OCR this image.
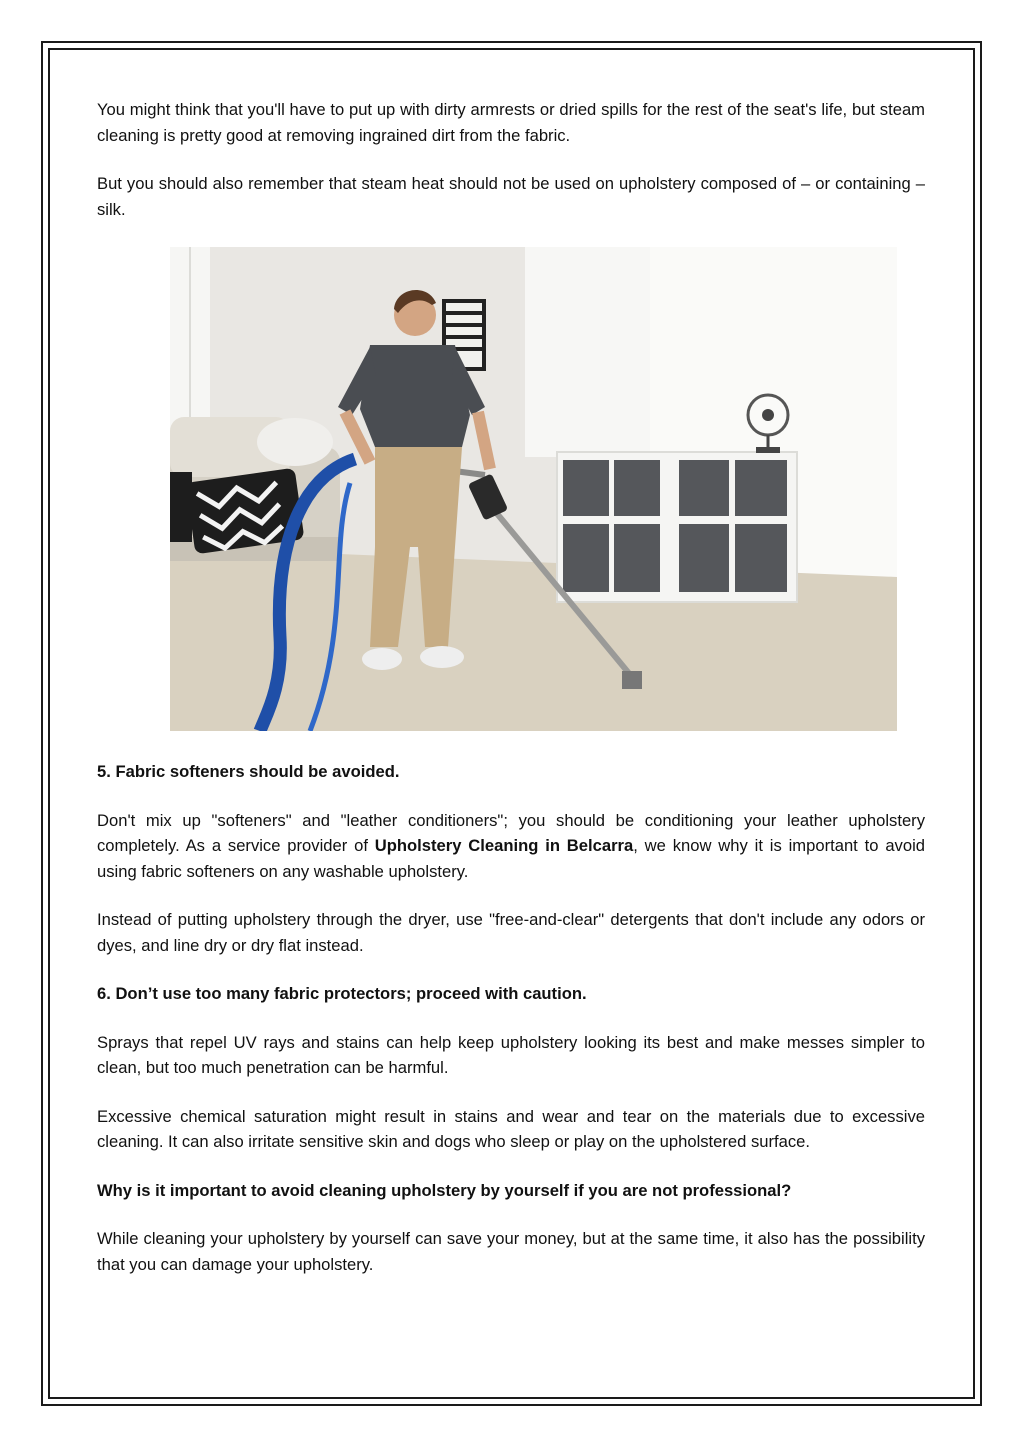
You might think that you'll have to put up with dirty armrests or dried spills for the rest of the seat's life, but steam cleaning is pretty good at removing ingrained dirt from the fabric.

But you should also remember that steam heat should not be used on upholstery composed of – or containing – silk.

5. Fabric softeners should be avoided.

Don't mix up "softeners" and "leather conditioners"; you should be conditioning your leather upholstery completely. As a service provider of Upholstery Cleaning in Belcarra, we know why it is important to avoid using fabric softeners on any washable upholstery.

Instead of putting upholstery through the dryer, use "free-and-clear" detergents that don't include any odors or dyes, and line dry or dry flat instead.

6. Don’t use too many fabric protectors; proceed with caution.

Sprays that repel UV rays and stains can help keep upholstery looking its best and make messes simpler to clean, but too much penetration can be harmful.

Excessive chemical saturation might result in stains and wear and tear on the materials due to excessive cleaning. It can also irritate sensitive skin and dogs who sleep or play on the upholstered surface.

Why is it important to avoid cleaning upholstery by yourself if you are not professional?

While cleaning your upholstery by yourself can save your money, but at the same time, it also has the possibility that you can damage your upholstery.
